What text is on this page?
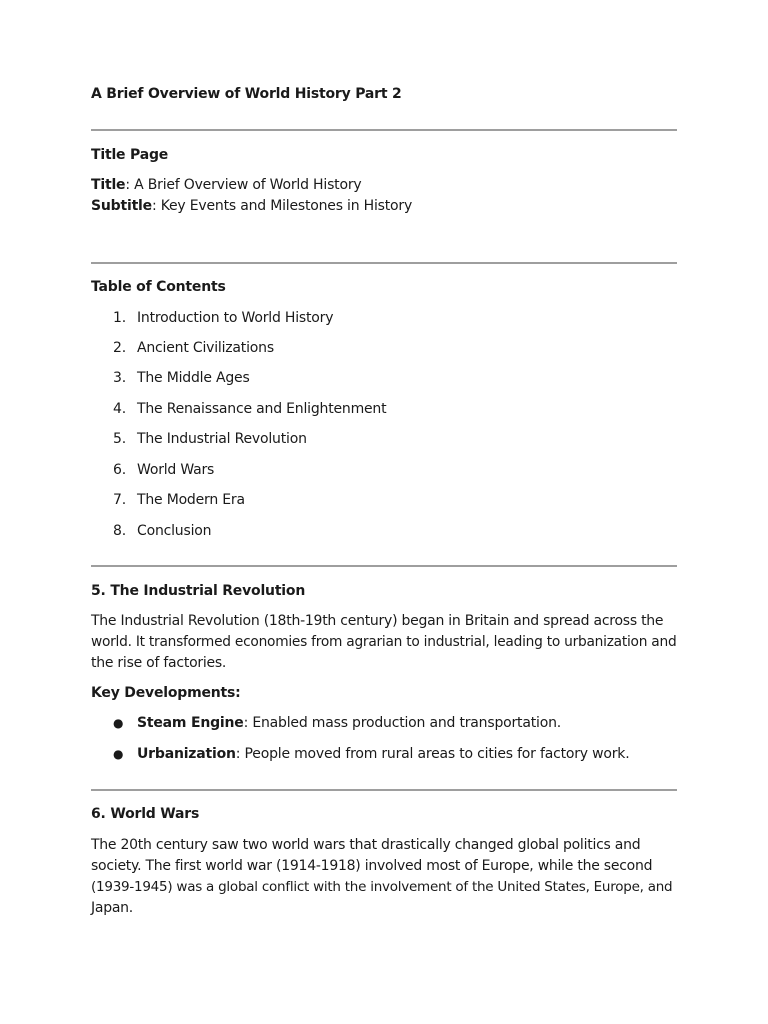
A Brief Overview of World History Part 2
Title Page
Title: A Brief Overview of World History
Subtitle: Key Events and Milestones in History
Table of Contents
1. Introduction to World History
2. Ancient Civilizations
3. The Middle Ages
4. The Renaissance and Enlightenment
5. The Industrial Revolution
6. World Wars
7. The Modern Era
8. Conclusion
5. The Industrial Revolution
The Industrial Revolution (18th-19th century) began in Britain and spread across the
world. It transformed economies from agrarian to industrial, leading to urbanization and
the rise of factories.
Key Developments:
● Steam Engine: Enabled mass production and transportation.
● Urbanization: People moved from rural areas to cities for factory work.
6. World Wars
The 20th century saw two world wars that drastically changed global politics and
society. The first world war (1914-1918) involved most of Europe, while the second
(1939-1945) was a global conflict with the involvement of the United States, Europe, and
Japan.
